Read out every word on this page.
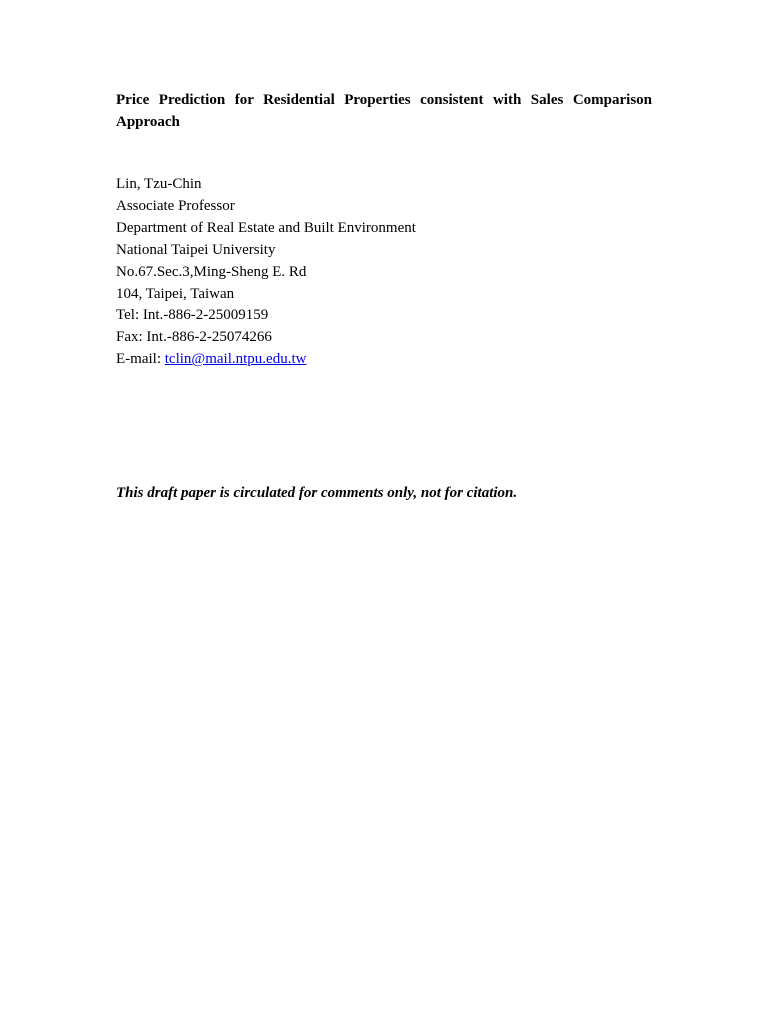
Price Prediction for Residential Properties consistent with Sales Comparison Approach
Lin, Tzu-Chin
Associate Professor
Department of Real Estate and Built Environment
National Taipei University
No.67.Sec.3,Ming-Sheng E. Rd
104, Taipei, Taiwan
Tel: Int.-886-2-25009159
Fax: Int.-886-2-25074266
E-mail: tclin@mail.ntpu.edu.tw

This draft paper is circulated for comments only, not for citation.
